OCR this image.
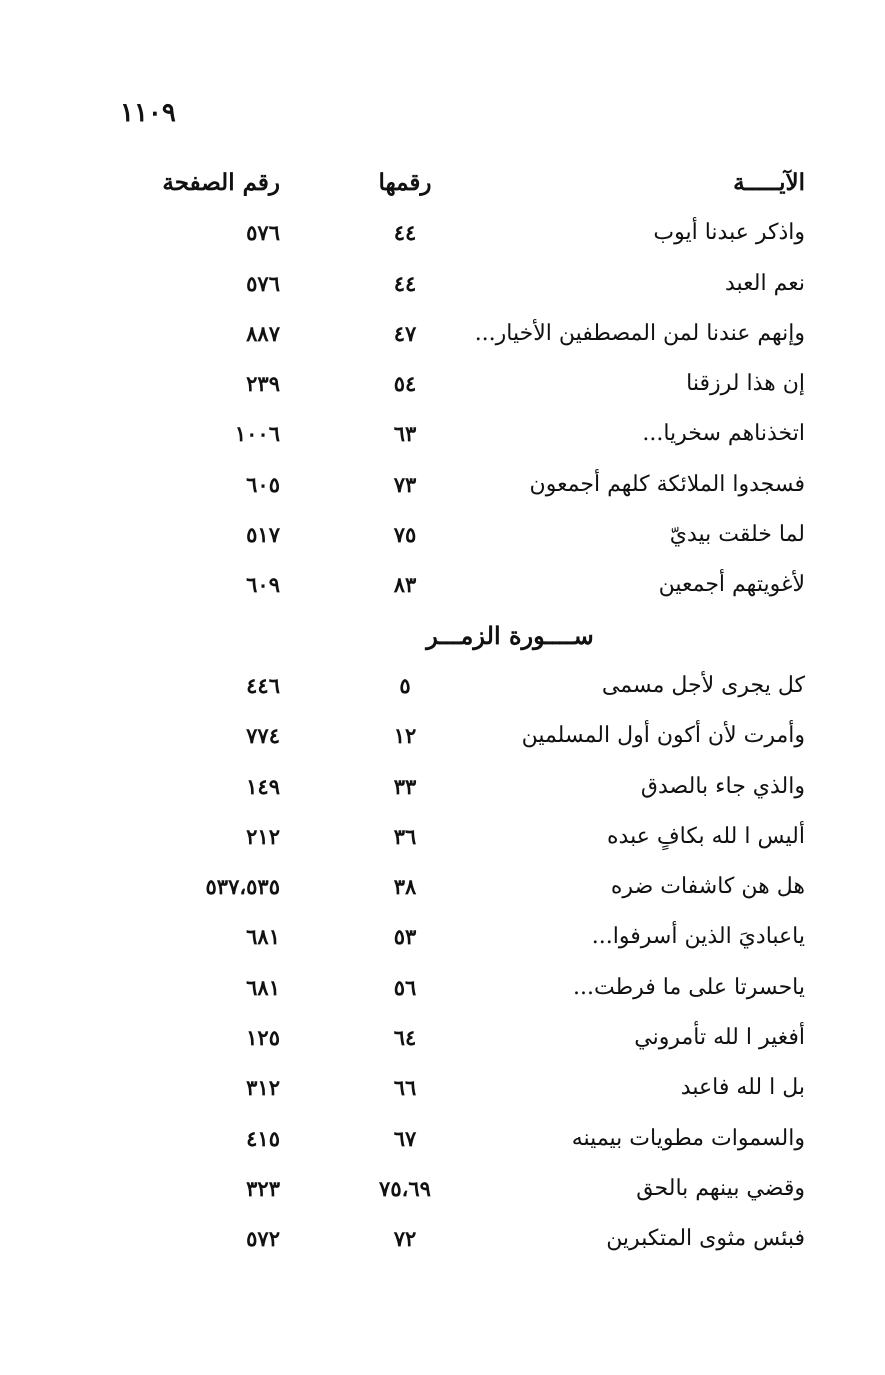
١١٠٩
الآيـــــة
رقمها
رقم الصفحة
واذكر عبدنا أيوب
٤٤
٥٧٦
نعم العبد
٤٤
٥٧٦
وإنهم عندنا لمن المصطفين الأخيار...
٤٧
٨٨٧
إن هذا لرزقنا
٥٤
٢٣٩
اتخذناهم سخريا...
٦٣
١٠٠٦
فسجدوا الملائكة كلهم أجمعون
٧٣
٦٠٥
لما خلقت بيديّ
٧٥
٥١٧
لأغويتهم أجمعين
٨٣
٦٠٩
ســــورة الزمـــر
كل يجرى لأجل مسمى
٥
٤٤٦
وأمرت لأن أكون أول المسلمين
١٢
٧٧٤
والذي جاء بالصدق
٣٣
١٤٩
أليس ا لله بكافٍ عبده
٣٦
٢١٢
هل هن كاشفات ضره
٣٨
٥٣٧،٥٣٥
ياعباديَ الذين أسرفوا...
٥٣
٦٨١
ياحسرتا على ما فرطت...
٥٦
٦٨١
أفغير ا لله تأمروني
٦٤
١٢٥
بل ا لله فاعبد
٦٦
٣١٢
والسموات مطويات بيمينه
٦٧
٤١٥
وقضي بينهم بالحق
٧٥،٦٩
٣٢٣
فبئس مثوى المتكبرين
٧٢
٥٧٢
